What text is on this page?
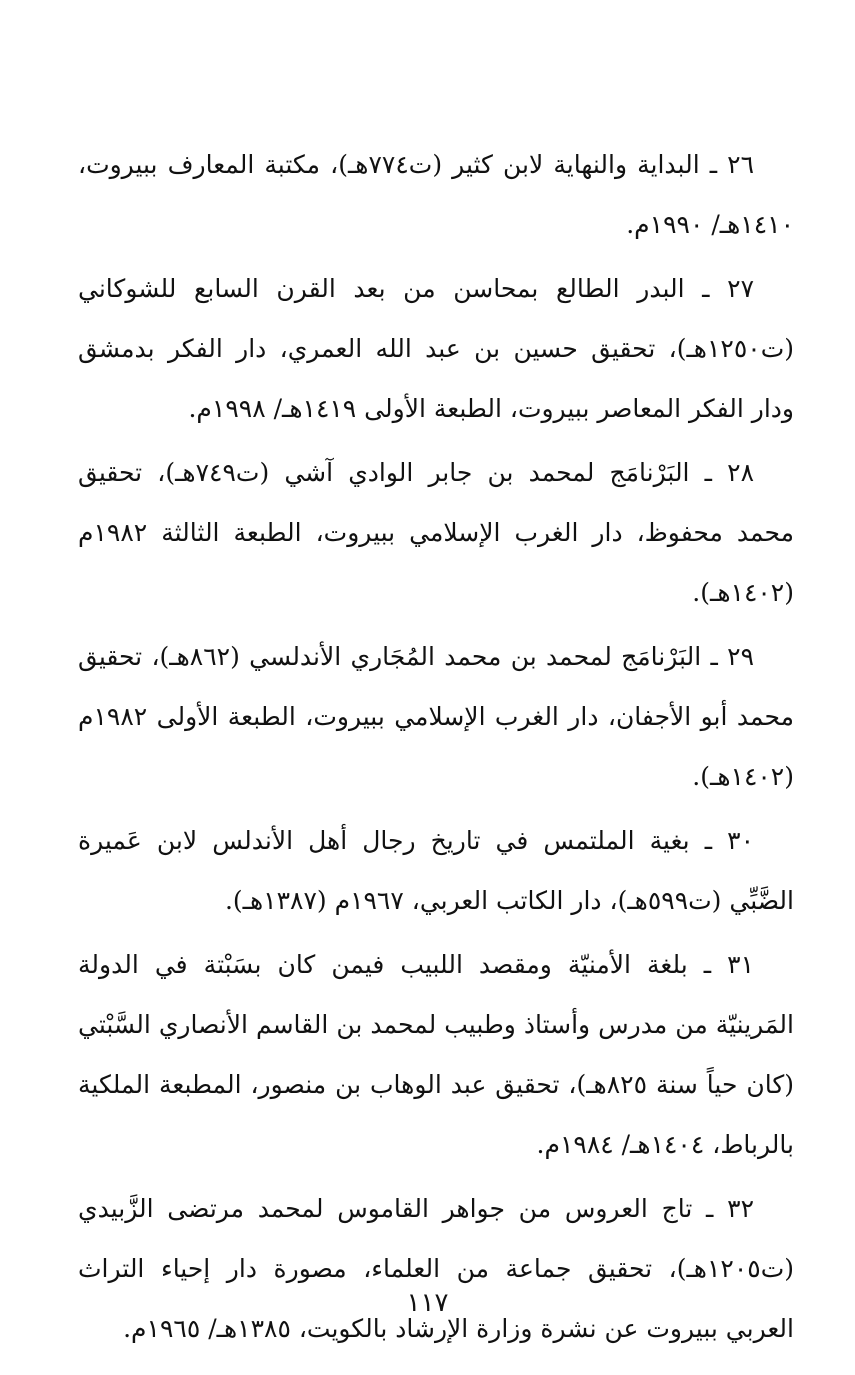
٢٦ ـ البداية والنهاية لابن كثير (ت٧٧٤هـ)، مكتبة المعارف ببيروت، ١٤١٠هـ/ ١٩٩٠م.

٢٧ ـ البدر الطالع بمحاسن من بعد القرن السابع للشوكاني (ت١٢٥٠هـ)، تحقيق حسين بن عبد الله العمري، دار الفكر بدمشق ودار الفكر المعاصر ببيروت، الطبعة الأولى ١٤١٩هـ/ ١٩٩٨م.

٢٨ ـ البَرْنامَج لمحمد بن جابر الوادي آشي (ت٧٤٩هـ)، تحقيق محمد محفوظ، دار الغرب الإسلامي ببيروت، الطبعة الثالثة ١٩٨٢م (١٤٠٢هـ).

٢٩ ـ البَرْنامَج لمحمد بن محمد المُجَاري الأندلسي (٨٦٢هـ)، تحقيق محمد أبو الأجفان، دار الغرب الإسلامي ببيروت، الطبعة الأولى ١٩٨٢م (١٤٠٢هـ).

٣٠ ـ بغية الملتمس في تاريخ رجال أهل الأندلس لابن عَميرة الضَّبِّي (ت٥٩٩هـ)، دار الكاتب العربي، ١٩٦٧م (١٣٨٧هـ).

٣١ ـ بلغة الأمنيّة ومقصد اللبيب فيمن كان بسَبْتة في الدولة المَرينيّة من مدرس وأستاذ وطبيب لمحمد بن القاسم الأنصاري السَّبْتي (كان حياً سنة ٨٢٥هـ)، تحقيق عبد الوهاب بن منصور، المطبعة الملكية بالرباط، ١٤٠٤هـ/ ١٩٨٤م.

٣٢ ـ تاج العروس من جواهر القاموس لمحمد مرتضى الزَّبيدي (ت١٢٠٥هـ)، تحقيق جماعة من العلماء، مصورة دار إحياء التراث العربي ببيروت عن نشرة وزارة الإرشاد بالكويت، ١٣٨٥هـ/ ١٩٦٥م.

١١٧
